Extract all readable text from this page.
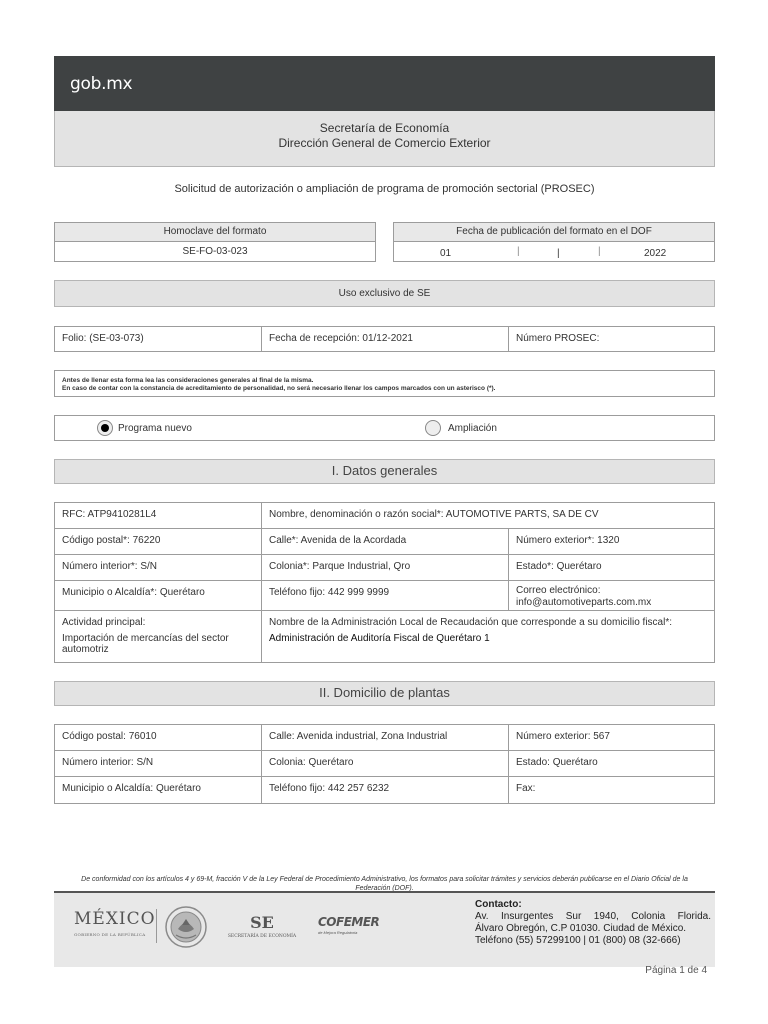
gob.mx
Secretaría de Economía
Dirección General de Comercio Exterior
Solicitud de autorización o ampliación de programa de promoción sectorial (PROSEC)
Homoclave del formato
SE-FO-03-023
Fecha de publicación del formato en el DOF
01	|	|	|	2022
Uso exclusivo de SE
Folio: (SE-03-073)	Fecha de recepción: 01/12-2021	Número PROSEC:
Antes de llenar esta forma lea las consideraciones generales al final de la misma.
En caso de contar con la constancia de acreditamiento de personalidad, no será necesario llenar los campos marcados con un asterisco (*).
Programa nuevo	Ampliación
I. Datos generales
RFC: ATP9410281L4	Nombre, denominación o razón social*: AUTOMOTIVE PARTS, SA DE CV
Código postal*: 76220	Calle*: Avenida de la Acordada	Número exterior*: 1320
Número interior*: S/N	Colonia*: Parque Industrial, Qro	Estado*: Querétaro
Municipio o Alcaldía*: Querétaro	Teléfono fijo: 442 999 9999	Correo electrónico:
info@automotiveparts.com.mx
Actividad principal:
Importación de mercancías del sector automotriz
Nombre de la Administración Local de Recaudación que corresponde a su domicilio fiscal*:
Administración de Auditoría Fiscal de Querétaro 1
II. Domicilio de plantas
Código postal: 76010	Calle: Avenida industrial, Zona Industrial	Número exterior: 567
Número interior: S/N	Colonia: Querétaro	Estado: Querétaro
Municipio o Alcaldía: Querétaro	Teléfono fijo: 442 257 6232	Fax:
De conformidad con los artículos 4 y 69-M, fracción V de la Ley Federal de Procedimiento Administrativo, los formatos para solicitar trámites y servicios deberán publicarse en el Diario Oficial de la Federación (DOF).
MÉXICO
GOBIERNO DE LA REPÚBLICA
SE
SECRETARÍA DE ECONOMÍA
COFEMER
de Mejora Regulatoria
Contacto:
Av. Insurgentes Sur 1940, Colonia Florida.
Álvaro Obregón, C.P 01030. Ciudad de México.
Teléfono (55) 57299100 | 01 (800) 08 (32-666)
Página 1 de 4
